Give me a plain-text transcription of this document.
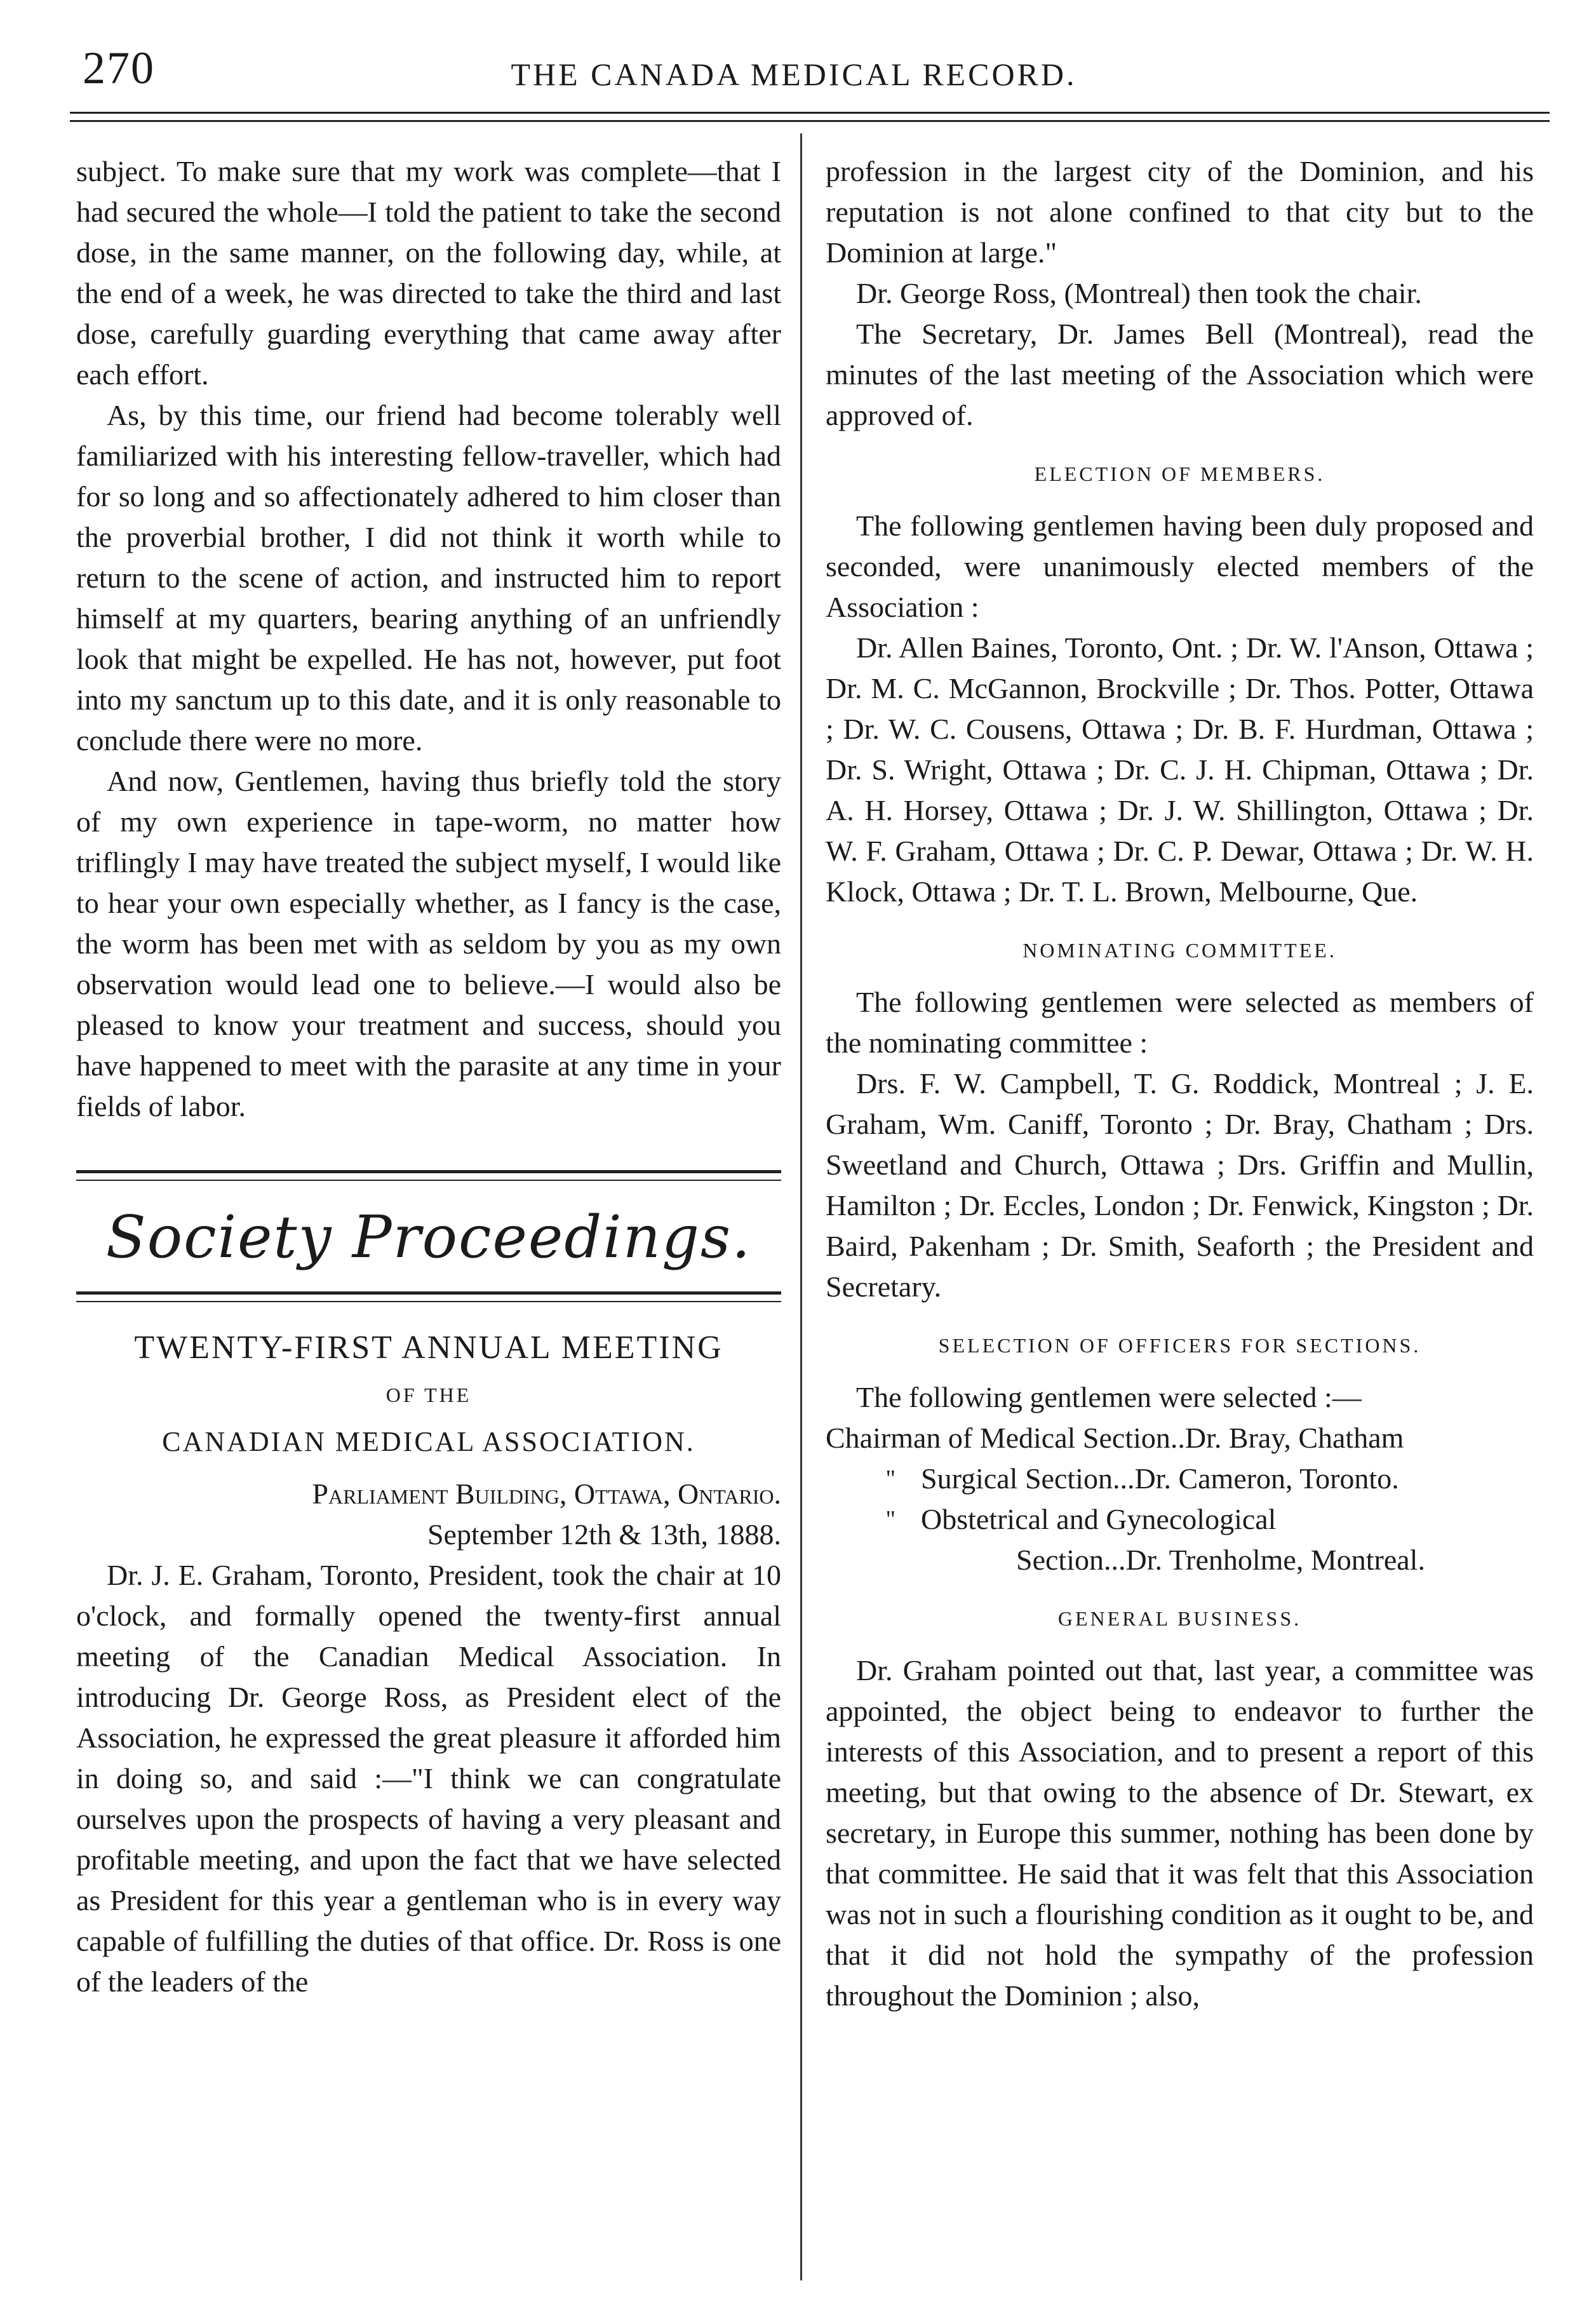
270	THE CANADA MEDICAL RECORD.

subject. To make sure that my work was complete—that I had secured the whole—I told the patient to take the second dose, in the same manner, on the following day, while, at the end of a week, he was directed to take the third and last dose, carefully guarding everything that came away after each effort.

As, by this time, our friend had become tolerably well familiarized with his interesting fellow-traveller, which had for so long and so affectionately adhered to him closer than the proverbial brother, I did not think it worth while to return to the scene of action, and instructed him to report himself at my quarters, bearing anything of an unfriendly look that might be expelled. He has not, however, put foot into my sanctum up to this date, and it is only reasonable to conclude there were no more.

And now, Gentlemen, having thus briefly told the story of my own experience in tape-worm, no matter how triflingly I may have treated the subject myself, I would like to hear your own especially whether, as I fancy is the case, the worm has been met with as seldom by you as my own observation would lead one to believe.—I would also be pleased to know your treatment and success, should you have happened to meet with the parasite at any time in your fields of labor.

Society Proceedings.
TWENTY-FIRST ANNUAL MEETING
OF THE
CANADIAN MEDICAL ASSOCIATION.
Parliament Building, Ottawa, Ontario.
September 12th & 13th, 1888.

Dr. J. E. Graham, Toronto, President, took the chair at 10 o'clock, and formally opened the twenty-first annual meeting of the Canadian Medical Association. In introducing Dr. George Ross, as President elect of the Association, he expressed the great pleasure it afforded him in doing so, and said :—"I think we can congratulate ourselves upon the prospects of having a very pleasant and profitable meeting, and upon the fact that we have selected as President for this year a gentleman who is in every way capable of fulfilling the duties of that office. Dr. Ross is one of the leaders of the

profession in the largest city of the Dominion, and his reputation is not alone confined to that city but to the Dominion at large."

Dr. George Ross, (Montreal) then took the chair.

The Secretary, Dr. James Bell (Montreal), read the minutes of the last meeting of the Association which were approved of.

ELECTION OF MEMBERS.

The following gentlemen having been duly proposed and seconded, were unanimously elected members of the Association :

Dr. Allen Baines, Toronto, Ont. ; Dr. W. l'Anson, Ottawa ; Dr. M. C. McGannon, Brockville ; Dr. Thos. Potter, Ottawa ; Dr. W. C. Cousens, Ottawa ; Dr. B. F. Hurdman, Ottawa ; Dr. S. Wright, Ottawa ; Dr. C. J. H. Chipman, Ottawa ; Dr. A. H. Horsey, Ottawa ; Dr. J. W. Shillington, Ottawa ; Dr. W. F. Graham, Ottawa ; Dr. C. P. Dewar, Ottawa ; Dr. W. H. Klock, Ottawa ; Dr. T. L. Brown, Melbourne, Que.

NOMINATING COMMITTEE.

The following gentlemen were selected as members of the nominating committee :

Drs. F. W. Campbell, T. G. Roddick, Montreal ; J. E. Graham, Wm. Caniff, Toronto ; Dr. Bray, Chatham ; Drs. Sweetland and Church, Ottawa ; Drs. Griffin and Mullin, Hamilton ; Dr. Eccles, London ; Dr. Fenwick, Kingston ; Dr. Baird, Pakenham ; Dr. Smith, Seaforth ; the President and Secretary.

SELECTION OF OFFICERS FOR SECTIONS.

The following gentlemen were selected :—

Chairman of Medical Section..Dr. Bray, Chatham

" Surgical Section...Dr. Cameron, Toronto.
" Obstetrical and Gynecological
Section...Dr. Trenholme, Montreal.
GENERAL BUSINESS.

Dr. Graham pointed out that, last year, a committee was appointed, the object being to endeavor to further the interests of this Association, and to present a report of this meeting, but that owing to the absence of Dr. Stewart, ex secretary, in Europe this summer, nothing has been done by that committee. He said that it was felt that this Association was not in such a flourishing condition as it ought to be, and that it did not hold the sympathy of the profession throughout the Dominion ; also,
